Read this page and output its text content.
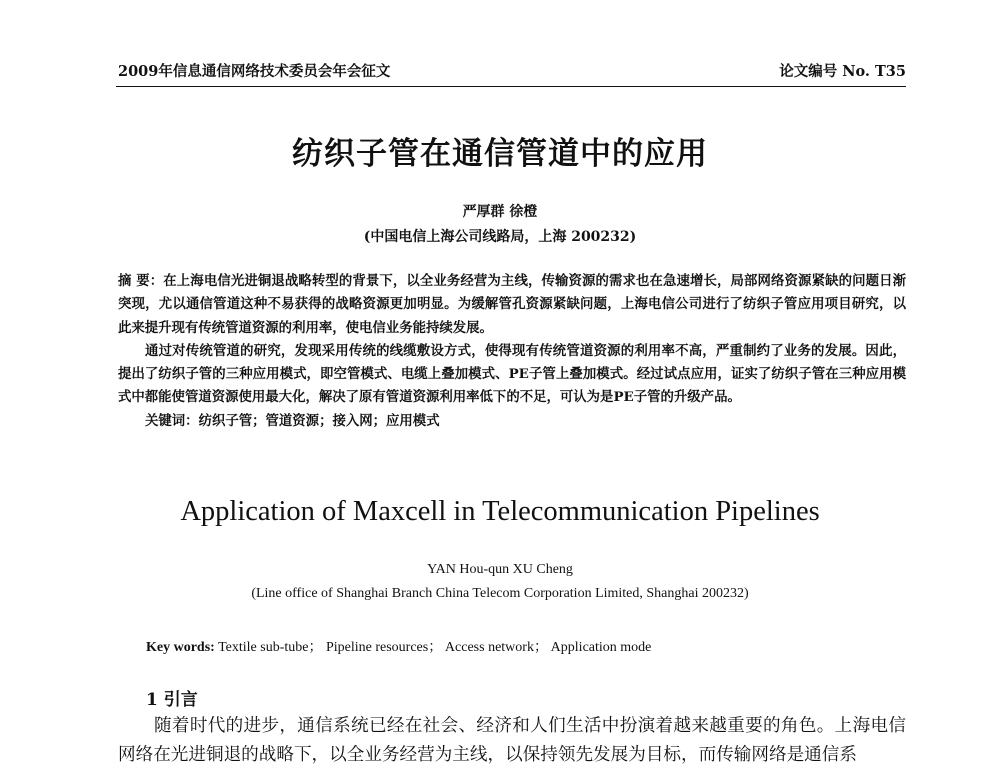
2009年信息通信网络技术委员会年会征文	论文编号 No. T35
纺织子管在通信管道中的应用
严厚群 徐橙
(中国电信上海公司线路局，上海 200232)

摘 要：在上海电信光进铜退战略转型的背景下，以全业务经营为主线，传输资源的需求也在急速增长，局部网络资源紧缺的问题日渐突现，尤以通信管道这种不易获得的战略资源更加明显。为缓解管孔资源紧缺问题，上海电信公司进行了纺织子管应用项目研究，以此来提升现有传统管道资源的利用率，使电信业务能持续发展。

通过对传统管道的研究，发现采用传统的线缆敷设方式，使得现有传统管道资源的利用率不高，严重制约了业务的发展。因此，提出了纺织子管的三种应用模式，即空管模式、电缆上叠加模式、PE子管上叠加模式。经过试点应用，证实了纺织子管在三种应用模式中都能使管道资源使用最大化，解决了原有管道资源利用率低下的不足，可认为是PE子管的升级产品。

关键词：纺织子管；管道资源；接入网；应用模式

Application of Maxcell in Telecommunication Pipelines
YAN Hou-qun XU Cheng
(Line office of Shanghai Branch China Telecom Corporation Limited, Shanghai 200232)
Key words: Textile sub-tube； Pipeline resources； Access network； Application mode
1 引言

随着时代的进步，通信系统已经在社会、经济和人们生活中扮演着越来越重要的角色。上海电信网络在光进铜退的战略下，以全业务经营为主线，以保持领先发展为目标，而传输网络是通信系
